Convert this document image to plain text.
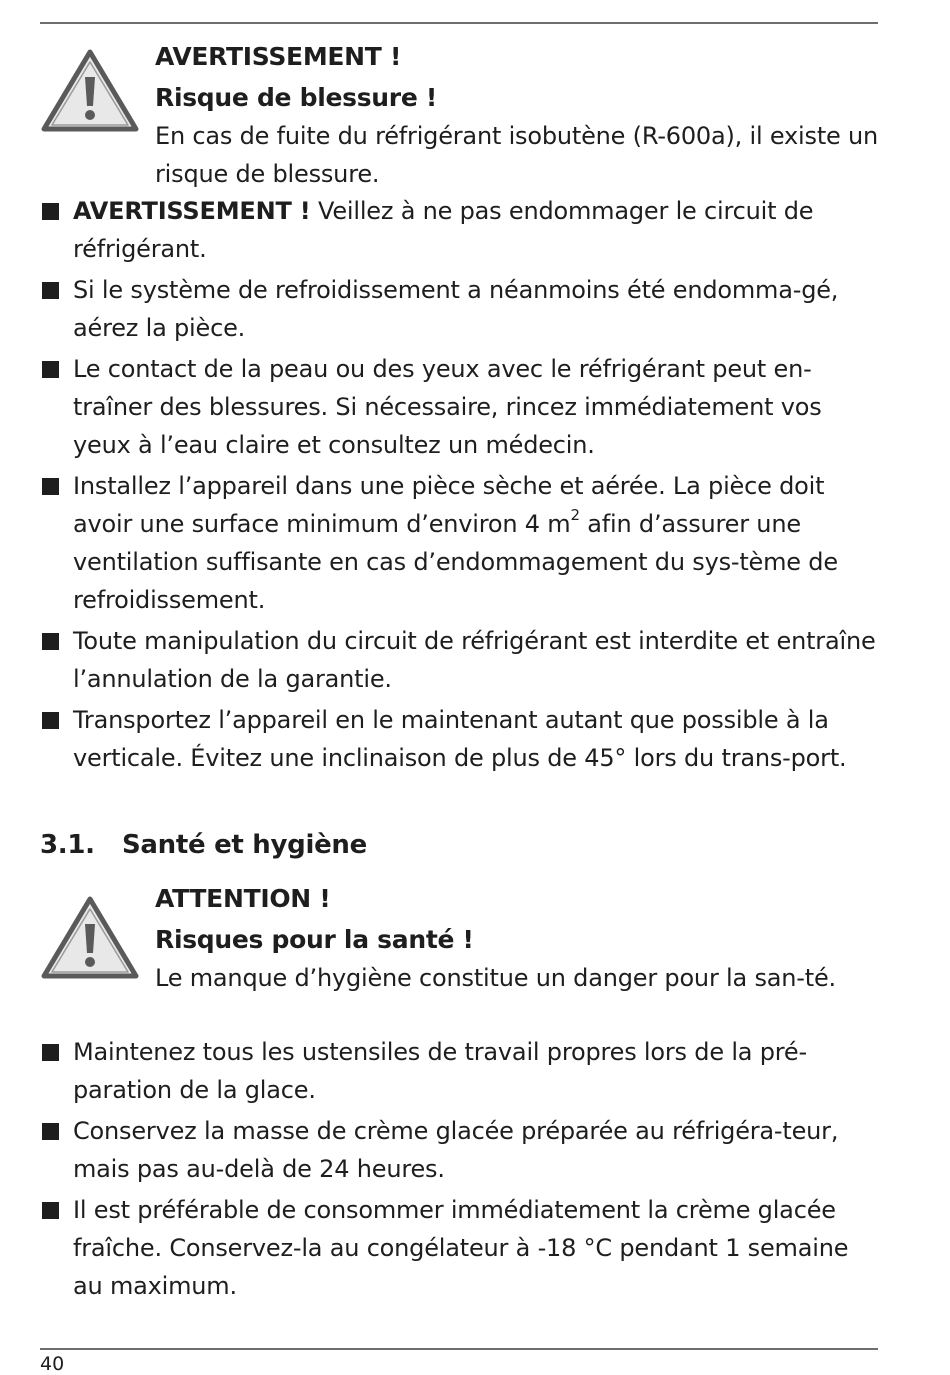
AVERTISSEMENT !
Risque de blessure !
En cas de fuite du réfrigérant isobutène (R-600a), il existe un risque de blessure.
AVERTISSEMENT ! Veillez à ne pas endommager le circuit de réfrigérant.
Si le système de refroidissement a néanmoins été endomma-gé, aérez la pièce.
Le contact de la peau ou des yeux avec le réfrigérant peut en-traîner des blessures. Si nécessaire, rincez immédiatement vos yeux à l’eau claire et consultez un médecin.
Installez l’appareil dans une pièce sèche et aérée. La pièce doit avoir une surface minimum d’environ 4 $m^2$ afin d’assurer une ventilation suffisante en cas d’endommagement du sys-tème de refroidissement.
Toute manipulation du circuit de réfrigérant est interdite et entraîne l’annulation de la garantie.
Transportez l’appareil en le maintenant autant que possible à la verticale. Évitez une inclinaison de plus de 45° lors du trans-port.
3.1. Santé et hygiène
ATTENTION !
Risques pour la santé !
Le manque d’hygiène constitue un danger pour la san-té.
Maintenez tous les ustensiles de travail propres lors de la pré-paration de la glace.
Conservez la masse de crème glacée préparée au réfrigéra-teur, mais pas au-delà de 24 heures.
Il est préférable de consommer immédiatement la crème glacée fraîche. Conservez-la au congélateur à -18 °C pendant 1 semaine au maximum.
40
